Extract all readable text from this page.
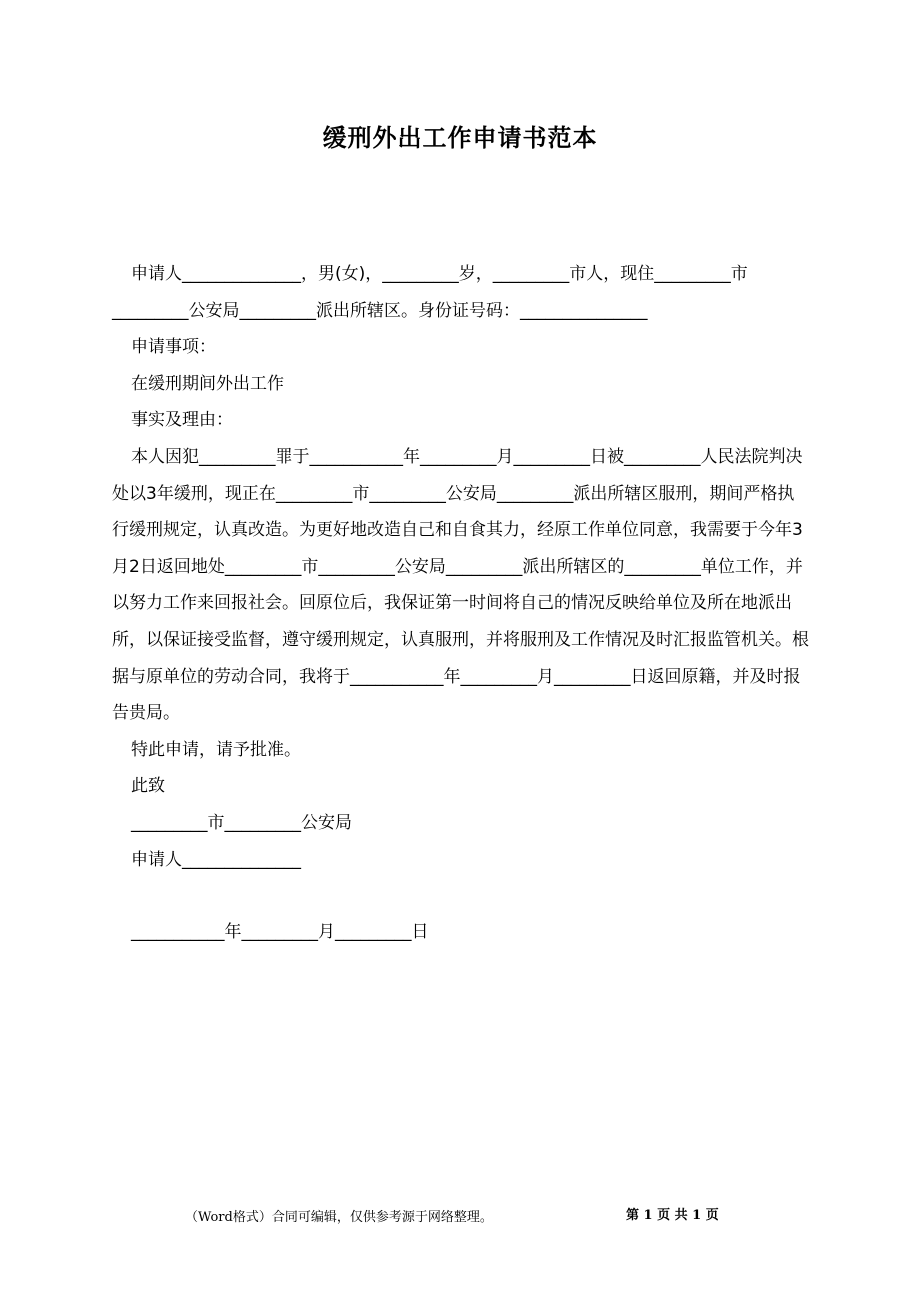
缓刑外出工作申请书范本

申请人______________，男(女)，_________岁，_________市人，现住_________市_________公安局_________派出所辖区。身份证号码：_______________

申请事项：

在缓刑期间外出工作

事实及理由：

本人因犯_________罪于___________年_________月_________日被_________人民法院判决处以3年缓刑，现正在_________市_________公安局_________派出所辖区服刑，期间严格执行缓刑规定，认真改造。为更好地改造自己和自食其力，经原工作单位同意，我需要于今年3月2日返回地处_________市_________公安局_________派出所辖区的_________单位工作，并以努力工作来回报社会。回原位后，我保证第一时间将自己的情况反映给单位及所在地派出所，以保证接受监督，遵守缓刑规定，认真服刑，并将服刑及工作情况及时汇报监管机关。根据与原单位的劳动合同，我将于___________年_________月_________日返回原籍，并及时报告贵局。

特此申请，请予批准。

此致

_________市_________公安局

申请人______________

___________年_________月_________日

（Word格式）合同可编辑，仅供参考源于网络整理。	第 1 页 共 1 页
